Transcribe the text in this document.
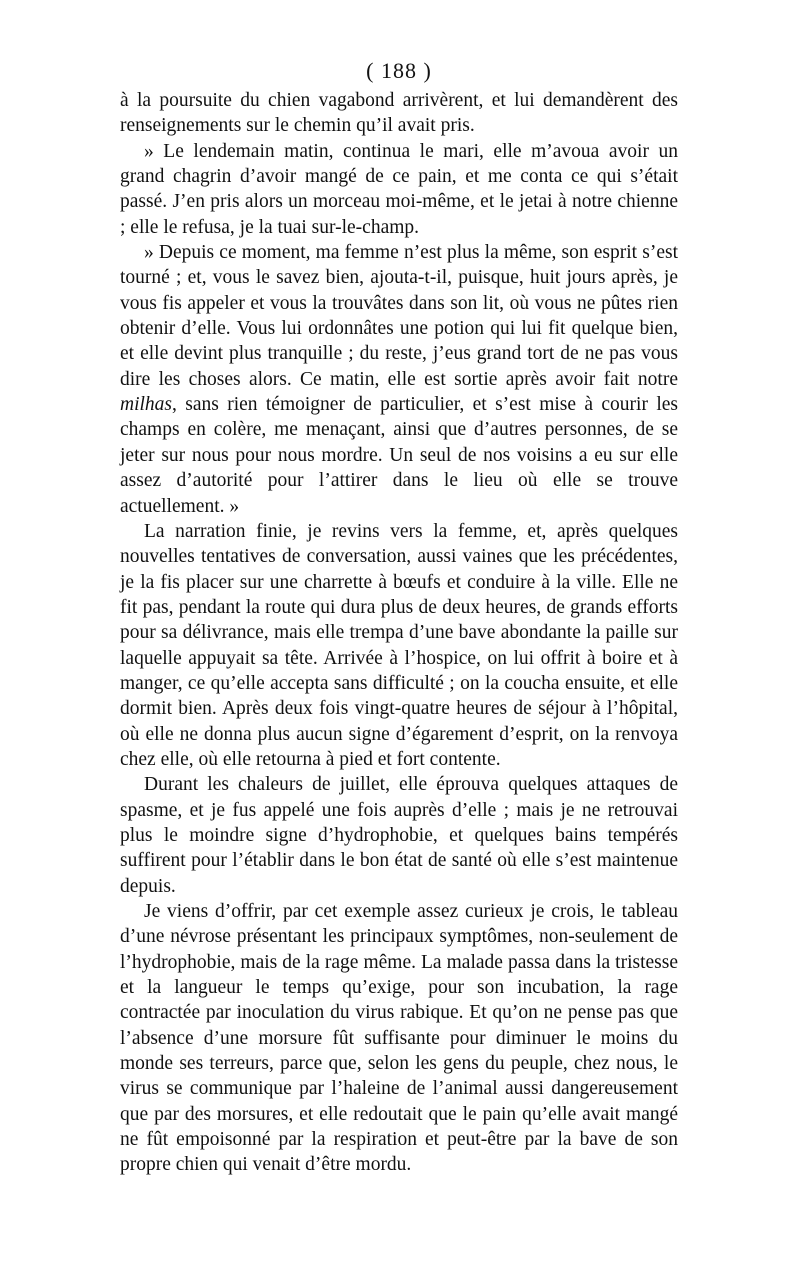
( 188 )

à la poursuite du chien vagabond arrivèrent, et lui demandèrent des renseignements sur le chemin qu’il avait pris.

» Le lendemain matin, continua le mari, elle m’avoua avoir un grand chagrin d’avoir mangé de ce pain, et me conta ce qui s’était passé. J’en pris alors un morceau moi-même, et le jetai à notre chienne ; elle le refusa, je la tuai sur-le-champ.

» Depuis ce moment, ma femme n’est plus la même, son esprit s’est tourné ; et, vous le savez bien, ajouta-t-il, puisque, huit jours après, je vous fis appeler et vous la trouvâtes dans son lit, où vous ne pûtes rien obtenir d’elle. Vous lui ordonnâtes une potion qui lui fit quelque bien, et elle devint plus tranquille ; du reste, j’eus grand tort de ne pas vous dire les choses alors. Ce matin, elle est sortie après avoir fait notre milhas, sans rien témoigner de particulier, et s’est mise à courir les champs en colère, me menaçant, ainsi que d’autres personnes, de se jeter sur nous pour nous mordre. Un seul de nos voisins a eu sur elle assez d’autorité pour l’attirer dans le lieu où elle se trouve actuellement. »

La narration finie, je revins vers la femme, et, après quelques nouvelles tentatives de conversation, aussi vaines que les précédentes, je la fis placer sur une charrette à bœufs et conduire à la ville. Elle ne fit pas, pendant la route qui dura plus de deux heures, de grands efforts pour sa délivrance, mais elle trempa d’une bave abondante la paille sur laquelle appuyait sa tête. Arrivée à l’hospice, on lui offrit à boire et à manger, ce qu’elle accepta sans difficulté ; on la coucha ensuite, et elle dormit bien. Après deux fois vingt-quatre heures de séjour à l’hôpital, où elle ne donna plus aucun signe d’égarement d’esprit, on la renvoya chez elle, où elle retourna à pied et fort contente.

Durant les chaleurs de juillet, elle éprouva quelques attaques de spasme, et je fus appelé une fois auprès d’elle ; mais je ne retrouvai plus le moindre signe d’hydrophobie, et quelques bains tempérés suffirent pour l’établir dans le bon état de santé où elle s’est maintenue depuis.

Je viens d’offrir, par cet exemple assez curieux je crois, le tableau d’une névrose présentant les principaux symptômes, non-seulement de l’hydrophobie, mais de la rage même. La malade passa dans la tristesse et la langueur le temps qu’exige, pour son incubation, la rage contractée par inoculation du virus rabique. Et qu’on ne pense pas que l’absence d’une morsure fût suffisante pour diminuer le moins du monde ses terreurs, parce que, selon les gens du peuple, chez nous, le virus se communique par l’haleine de l’animal aussi dangereusement que par des morsures, et elle redoutait que le pain qu’elle avait mangé ne fût empoisonné par la respiration et peut-être par la bave de son propre chien qui venait d’être mordu.
